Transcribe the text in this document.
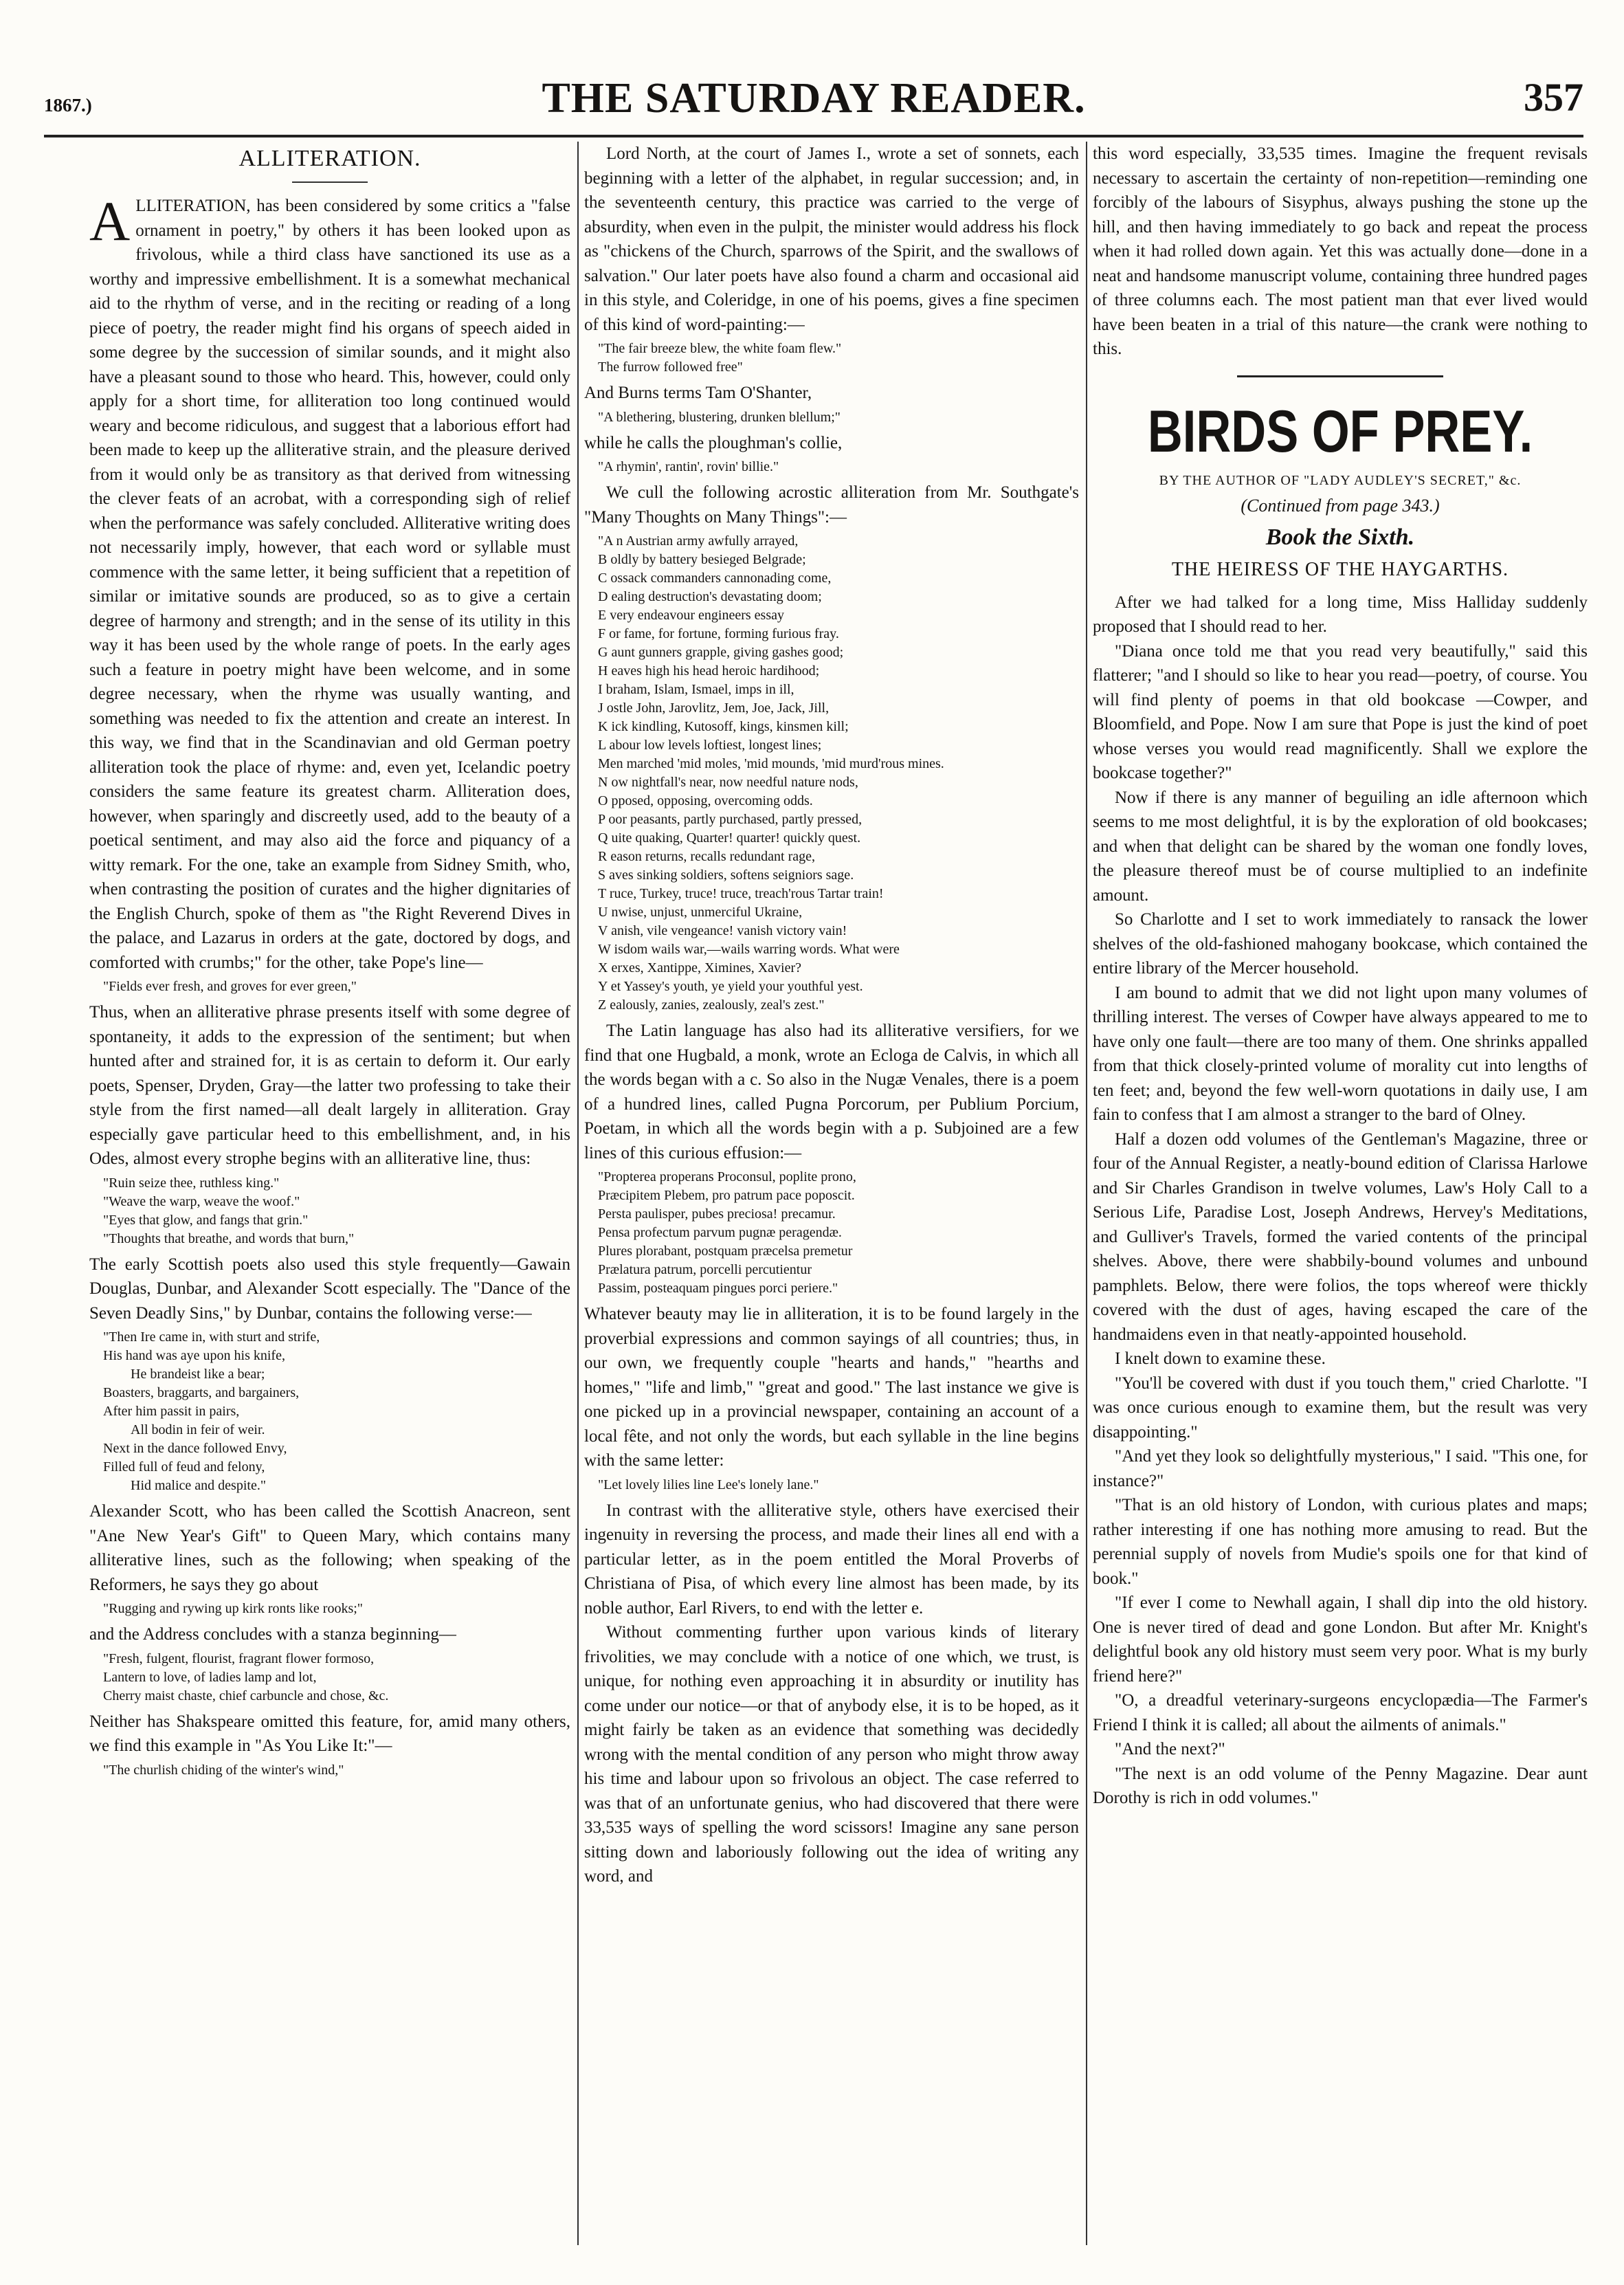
1867.)	THE SATURDAY READER.	357
ALLITERATION.

ALLITERATION, has been considered by some critics a "false ornament in poetry," by others it has been looked upon as frivolous, while a third class have sanctioned its use as a worthy and impressive embellishment. It is a somewhat mechanical aid to the rhythm of verse, and in the reciting or reading of a long piece of poetry, the reader might find his organs of speech aided in some degree by the succession of similar sounds, and it might also have a pleasant sound to those who heard. This, however, could only apply for a short time, for alliteration too long continued would weary and become ridiculous, and suggest that a laborious effort had been made to keep up the alliterative strain, and the pleasure derived from it would only be as transitory as that derived from witnessing the clever feats of an acrobat, with a corresponding sigh of relief when the performance was safely concluded. Alliterative writing does not necessarily imply, however, that each word or syllable must commence with the same letter, it being sufficient that a repetition of similar or imitative sounds are produced, so as to give a certain degree of harmony and strength; and in the sense of its utility in this way it has been used by the whole range of poets. In the early ages such a feature in poetry might have been welcome, and in some degree necessary, when the rhyme was usually wanting, and something was needed to fix the attention and create an interest. In this way, we find that in the Scandinavian and old German poetry alliteration took the place of rhyme: and, even yet, Icelandic poetry considers the same feature its greatest charm. Alliteration does, however, when sparingly and discreetly used, add to the beauty of a poetical sentiment, and may also aid the force and piquancy of a witty remark. For the one, take an example from Sidney Smith, who, when contrasting the position of curates and the higher dignitaries of the English Church, spoke of them as "the Right Reverend Dives in the palace, and Lazarus in orders at the gate, doctored by dogs, and comforted with crumbs;" for the other, take Pope's line—

"Fields ever fresh, and groves for ever green,"

Thus, when an alliterative phrase presents itself with some degree of spontaneity, it adds to the expression of the sentiment; but when hunted after and strained for, it is as certain to deform it. Our early poets, Spenser, Dryden, Gray—the latter two professing to take their style from the first named—all dealt largely in alliteration. Gray especially gave particular heed to this embellishment, and, in his Odes, almost every strophe begins with an alliterative line, thus:

"Ruin seize thee, ruthless king."
"Weave the warp, weave the woof."
"Eyes that glow, and fangs that grin."
"Thoughts that breathe, and words that burn,"

The early Scottish poets also used this style frequently—Gawain Douglas, Dunbar, and Alexander Scott especially. The "Dance of the Seven Deadly Sins," by Dunbar, contains the following verse:—

"Then Ire came in, with sturt and strife,
His hand was aye upon his knife,
He brandeist like a bear;
Boasters, braggarts, and bargainers,
After him passit in pairs,
All bodin in feir of weir.
Next in the dance followed Envy,
Filled full of feud and felony,
Hid malice and despite."

Alexander Scott, who has been called the Scottish Anacreon, sent "Ane New Year's Gift" to Queen Mary, which contains many alliterative lines, such as the following; when speaking of the Reformers, he says they go about

"Rugging and rywing up kirk ronts like rooks;"

and the Address concludes with a stanza beginning—

"Fresh, fulgent, flourist, fragrant flower formoso,
Lantern to love, of ladies lamp and lot,
Cherry maist chaste, chief carbuncle and chose, &c.

Neither has Shakspeare omitted this feature, for, amid many others, we find this example in "As You Like It:"—

"The churlish chiding of the winter's wind,"

Lord North, at the court of James I., wrote a set of sonnets, each beginning with a letter of the alphabet, in regular succession; and, in the seventeenth century, this practice was carried to the verge of absurdity, when even in the pulpit, the minister would address his flock as "chickens of the Church, sparrows of the Spirit, and the swallows of salvation." Our later poets have also found a charm and occasional aid in this style, and Coleridge, in one of his poems, gives a fine specimen of this kind of word-painting:—

"The fair breeze blew, the white foam flew."
The furrow followed free"

And Burns terms Tam O'Shanter,

"A blethering, blustering, drunken blellum;"

while he calls the ploughman's collie,

"A rhymin', rantin', rovin' billie."

We cull the following acrostic alliteration from Mr. Southgate's "Many Thoughts on Many Things":—

"A n Austrian army awfully arrayed,
B oldly by battery besieged Belgrade;
C ossack commanders cannonading come,
D ealing destruction's devastating doom;
E very endeavour engineers essay
F or fame, for fortune, forming furious fray.
G aunt gunners grapple, giving gashes good;
H eaves high his head heroic hardihood;
I braham, Islam, Ismael, imps in ill,
J ostle John, Jarovlitz, Jem, Joe, Jack, Jill,
K ick kindling, Kutosoff, kings, kinsmen kill;
L abour low levels loftiest, longest lines;
Men marched 'mid moles, 'mid mounds, 'mid murd'rous mines.
N ow nightfall's near, now needful nature nods,
O pposed, opposing, overcoming odds.
P oor peasants, partly purchased, partly pressed,
Q uite quaking, Quarter! quarter! quickly quest.
R eason returns, recalls redundant rage,
S aves sinking soldiers, softens seigniors sage.
T ruce, Turkey, truce! truce, treach'rous Tartar train!
U nwise, unjust, unmerciful Ukraine,
V anish, vile vengeance! vanish victory vain!
W isdom wails war,—wails warring words. What were
X erxes, Xantippe, Ximines, Xavier?
Y et Yassey's youth, ye yield your youthful yest.
Z ealously, zanies, zealously, zeal's zest."

The Latin language has also had its alliterative versifiers, for we find that one Hugbald, a monk, wrote an Ecloga de Calvis, in which all the words began with a c. So also in the Nugæ Venales, there is a poem of a hundred lines, called Pugna Porcorum, per Publium Porcium, Poetam, in which all the words begin with a p. Subjoined are a few lines of this curious effusion:—

"Propterea properans Proconsul, poplite prono,
Præcipitem Plebem, pro patrum pace poposcit.
Persta paulisper, pubes preciosa! precamur.
Pensa profectum parvum pugnæ peragendæ.
Plures plorabant, postquam præcelsa premetur
Prælatura patrum, porcelli percutientur
Passim, posteaquam pingues porci periere."

Whatever beauty may lie in alliteration, it is to be found largely in the proverbial expressions and common sayings of all countries; thus, in our own, we frequently couple "hearts and hands," "hearths and homes," "life and limb," "great and good." The last instance we give is one picked up in a provincial newspaper, containing an account of a local fête, and not only the words, but each syllable in the line begins with the same letter:

"Let lovely lilies line Lee's lonely lane."

In contrast with the alliterative style, others have exercised their ingenuity in reversing the process, and made their lines all end with a particular letter, as in the poem entitled the Moral Proverbs of Christiana of Pisa, of which every line almost has been made, by its noble author, Earl Rivers, to end with the letter e.

Without commenting further upon various kinds of literary frivolities, we may conclude with a notice of one which, we trust, is unique, for nothing even approaching it in absurdity or inutility has come under our notice—or that of anybody else, it is to be hoped, as it might fairly be taken as an evidence that something was decidedly wrong with the mental condition of any person who might throw away his time and labour upon so frivolous an object. The case referred to was that of an unfortunate genius, who had discovered that there were 33,535 ways of spelling the word scissors! Imagine any sane person sitting down and laboriously following out the idea of writing any word, and

this word especially, 33,535 times. Imagine the frequent revisals necessary to ascertain the certainty of non-repetition—reminding one forcibly of the labours of Sisyphus, always pushing the stone up the hill, and then having immediately to go back and repeat the process when it had rolled down again. Yet this was actually done—done in a neat and handsome manuscript volume, containing three hundred pages of three columns each. The most patient man that ever lived would have been beaten in a trial of this nature—the crank were nothing to this.

BIRDS OF PREY.
BY THE AUTHOR OF "LADY AUDLEY'S SECRET," &c.
(Continued from page 343.)
Book the Sixth.
THE HEIRESS OF THE HAYGARTHS.

After we had talked for a long time, Miss Halliday suddenly proposed that I should read to her.

"Diana once told me that you read very beautifully," said this flatterer; "and I should so like to hear you read—poetry, of course. You will find plenty of poems in that old bookcase —Cowper, and Bloomfield, and Pope. Now I am sure that Pope is just the kind of poet whose verses you would read magnificently. Shall we explore the bookcase together?"

Now if there is any manner of beguiling an idle afternoon which seems to me most delightful, it is by the exploration of old bookcases; and when that delight can be shared by the woman one fondly loves, the pleasure thereof must be of course multiplied to an indefinite amount.

So Charlotte and I set to work immediately to ransack the lower shelves of the old-fashioned mahogany bookcase, which contained the entire library of the Mercer household.

I am bound to admit that we did not light upon many volumes of thrilling interest. The verses of Cowper have always appeared to me to have only one fault—there are too many of them. One shrinks appalled from that thick closely-printed volume of morality cut into lengths of ten feet; and, beyond the few well-worn quotations in daily use, I am fain to confess that I am almost a stranger to the bard of Olney.

Half a dozen odd volumes of the Gentleman's Magazine, three or four of the Annual Register, a neatly-bound edition of Clarissa Harlowe and Sir Charles Grandison in twelve volumes, Law's Holy Call to a Serious Life, Paradise Lost, Joseph Andrews, Hervey's Meditations, and Gulliver's Travels, formed the varied contents of the principal shelves. Above, there were shabbily-bound volumes and unbound pamphlets. Below, there were folios, the tops whereof were thickly covered with the dust of ages, having escaped the care of the handmaidens even in that neatly-appointed household.

I knelt down to examine these.

"You'll be covered with dust if you touch them," cried Charlotte. "I was once curious enough to examine them, but the result was very disappointing."

"And yet they look so delightfully mysterious," I said. "This one, for instance?"

"That is an old history of London, with curious plates and maps; rather interesting if one has nothing more amusing to read. But the perennial supply of novels from Mudie's spoils one for that kind of book."

"If ever I come to Newhall again, I shall dip into the old history. One is never tired of dead and gone London. But after Mr. Knight's delightful book any old history must seem very poor. What is my burly friend here?"

"O, a dreadful veterinary-surgeons encyclopædia—The Farmer's Friend I think it is called; all about the ailments of animals."

"And the next?"

"The next is an odd volume of the Penny Magazine. Dear aunt Dorothy is rich in odd volumes."
